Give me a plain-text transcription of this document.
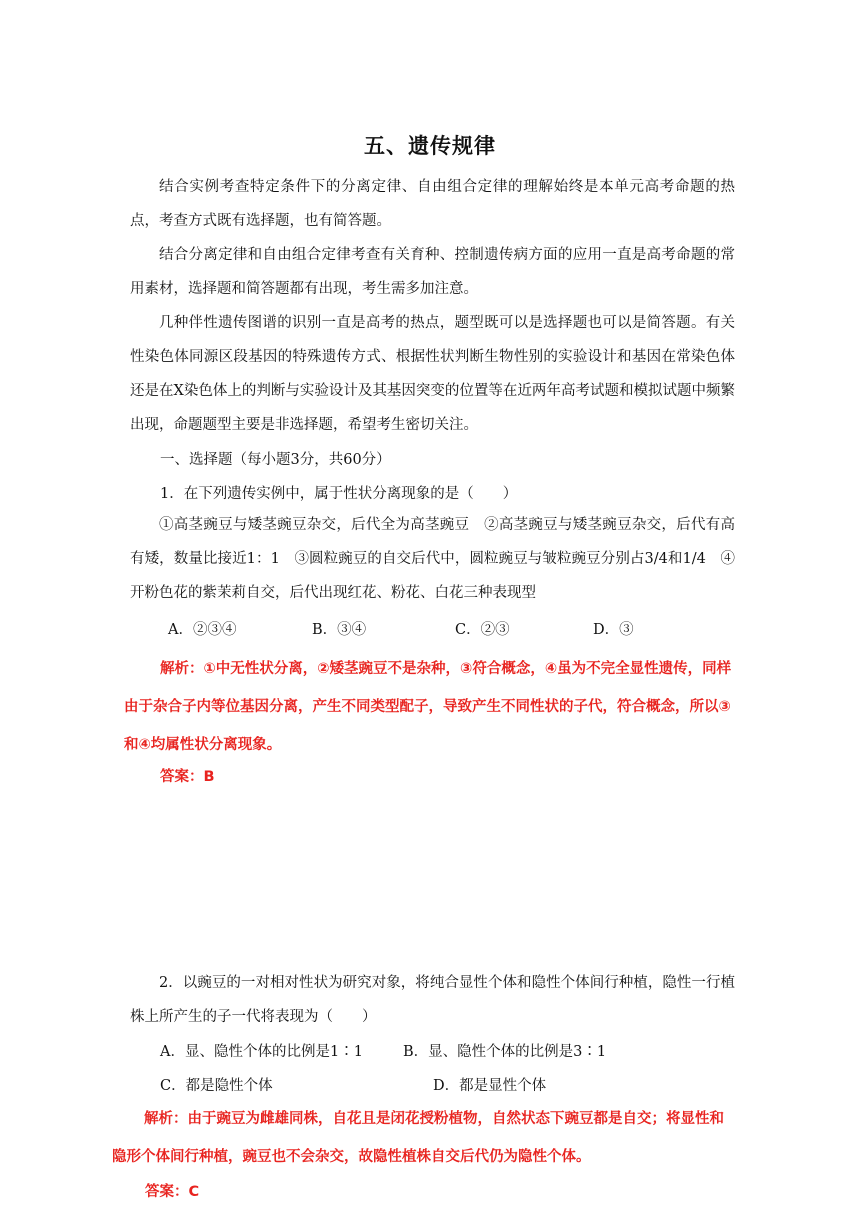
五、遗传规律

结合实例考查特定条件下的分离定律、自由组合定律的理解始终是本单元高考命题的热点，考查方式既有选择题，也有简答题。

结合分离定律和自由组合定律考查有关育种、控制遗传病方面的应用一直是高考命题的常用素材，选择题和简答题都有出现，考生需多加注意。

几种伴性遗传图谱的识别一直是高考的热点，题型既可以是选择题也可以是简答题。有关性染色体同源区段基因的特殊遗传方式、根据性状判断生物性别的实验设计和基因在常染色体还是在X染色体上的判断与实验设计及其基因突变的位置等在近两年高考试题和模拟试题中频繁出现，命题题型主要是非选择题，希望考生密切关注。

一、选择题（每小题3分，共60分）
1．在下列遗传实例中，属于性状分离现象的是（　　）

①高茎豌豆与矮茎豌豆杂交，后代全为高茎豌豆　②高茎豌豆与矮茎豌豆杂交，后代有高有矮，数量比接近1：1　③圆粒豌豆的自交后代中，圆粒豌豆与皱粒豌豆分别占3/4和1/4　④开粉色花的紫茉莉自交，后代出现红花、粉花、白花三种表现型

A．②③④	B．③④	C．②③	D．③

解析：①中无性状分离，②矮茎豌豆不是杂种，③符合概念，④虽为不完全显性遗传，同样由于杂合子内等位基因分离，产生不同类型配子，导致产生不同性状的子代，符合概念，所以③和④均属性状分离现象。

答案：B

2．以豌豆的一对相对性状为研究对象，将纯合显性个体和隐性个体间行种植，隐性一行植株上所产生的子一代将表现为（　　）

A．显、隐性个体的比例是1∶1	B．显、隐性个体的比例是3∶1
C．都是隐性个体	D．都是显性个体

解析：由于豌豆为雌雄同株，自花且是闭花授粉植物，自然状态下豌豆都是自交；将显性和隐形个体间行种植，豌豆也不会杂交，故隐性植株自交后代仍为隐性个体。

答案：C
